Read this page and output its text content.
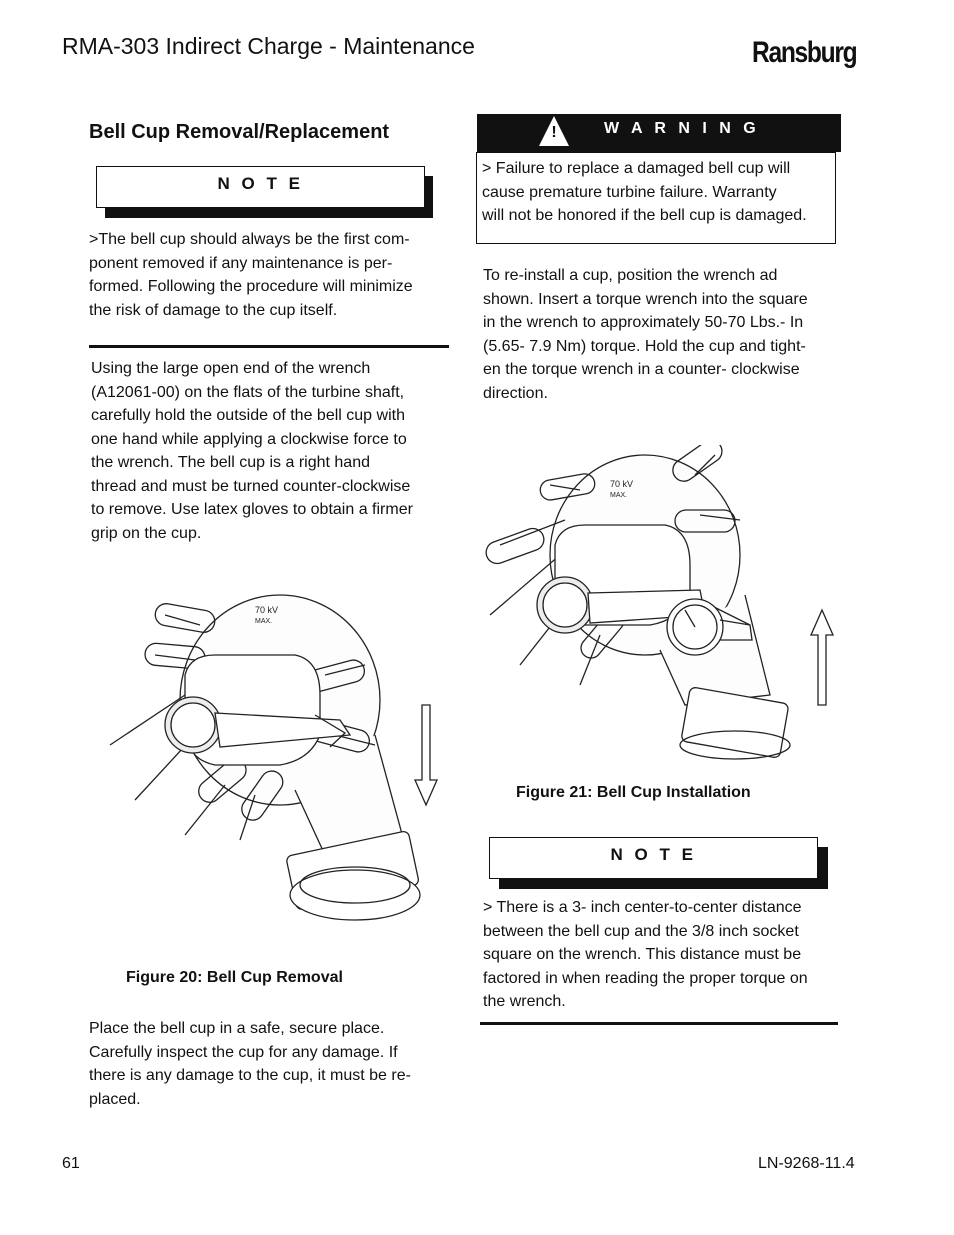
RMA-303 Indirect Charge - Maintenance	Ransburg
Bell Cup Removal/Replacement
N O T E
>The bell cup should always be the first com-
ponent removed if any maintenance is per-
formed. Following the procedure will minimize
the risk of damage to the cup itself.
Using the large open end of the wrench
(A12061-00) on the flats of the turbine shaft,
carefully hold the outside of the bell cup with
one hand while applying a clockwise force to
the wrench. The bell cup is a right hand
thread and must be turned counter-clockwise
to remove. Use latex gloves to obtain a firmer
grip on the cup.
70 kV
MAX.
Figure 20: Bell Cup Removal
Place the bell cup in a safe, secure place.
Carefully inspect the cup for any damage. If
there is any damage to the cup, it must be re-
placed.
!	W A R N I N G
> Failure to replace a damaged bell cup will
cause premature turbine failure. Warranty
will not be honored if the bell cup is damaged.
To re-install a cup, position the wrench ad
shown. Insert a torque wrench into the square
in the wrench to approximately 50-70 Lbs.- In
(5.65- 7.9 Nm) torque. Hold the cup and tight-
en the torque wrench in a counter- clockwise
direction.
70 kV
MAX.
Figure 21: Bell Cup Installation
N O T E
> There is a 3- inch center-to-center distance
between the bell cup and the 3/8 inch socket
square on the wrench. This distance must be
factored in when reading the proper torque on
the wrench.
61	LN-9268-11.4
